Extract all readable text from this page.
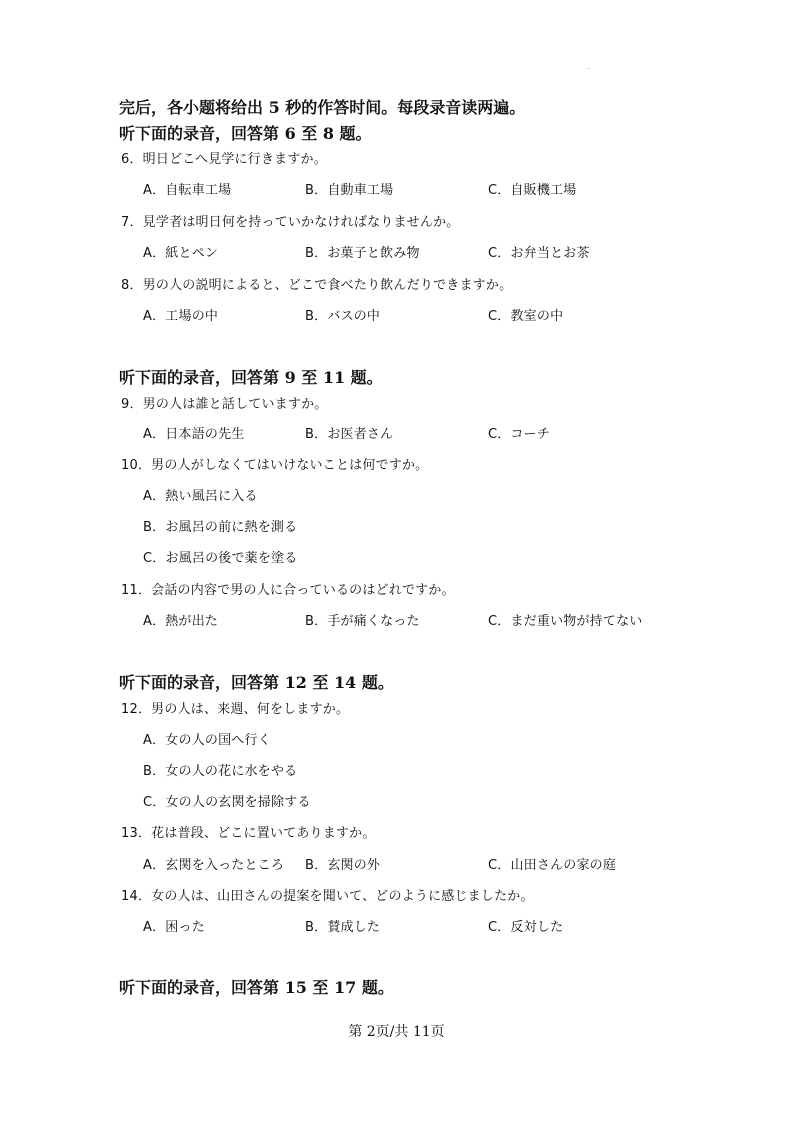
完后，各小题将给出 5 秒的作答时间。每段录音读两遍。
听下面的录音，回答第 6 至 8 题。
6．明日どこへ見学に行きますか。
A．自転車工場	B．自動車工場	C．自販機工場
7．見学者は明日何を持っていかなければなりませんか。
A．紙とペン	B．お菓子と飲み物	C．お弁当とお茶
8．男の人の説明によると、どこで食べたり飲んだりできますか。
A．工場の中	B．バスの中	C．教室の中
听下面的录音，回答第 9 至 11 题。
9．男の人は誰と話していますか。
A．日本語の先生	B．お医者さん	C．コーチ
10．男の人がしなくてはいけないことは何ですか。
A．熱い風呂に入る
B．お風呂の前に熱を測る
C．お風呂の後で薬を塗る
11．会話の内容で男の人に合っているのはどれですか。
A．熱が出た	B．手が痛くなった	C．まだ重い物が持てない
听下面的录音，回答第 12 至 14 题。
12．男の人は、来週、何をしますか。
A．女の人の国へ行く
B．女の人の花に水をやる
C．女の人の玄関を掃除する
13．花は普段、どこに置いてありますか。
A．玄関を入ったところ B．玄関の外	C．山田さんの家の庭
14．女の人は、山田さんの提案を聞いて、どのように感じましたか。
A．困った	B．賛成した	C．反対した
听下面的录音，回答第 15 至 17 题。
第 2页/共 11页
